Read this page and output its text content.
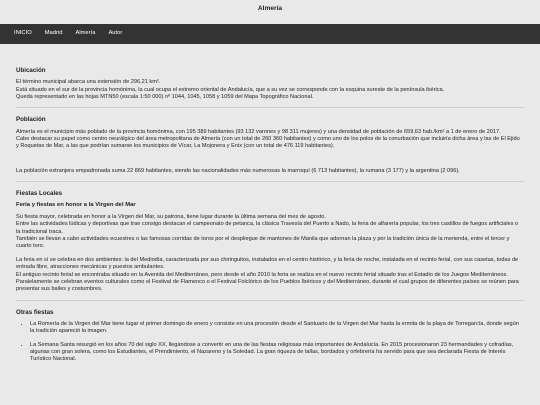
Almería
INICIO Madrid Almería Autor
Ubicación

El término municipal abarca una extensión de 296,21 km².

Está situado en el sur de la provincia homónima, la cual ocupa el extremo oriental de Andalucía, que a su vez se corresponde con la esquina sureste de la península ibérica.

Queda representado en las hojas MTN50 (escala 1:50 000) nº 1044, 1045, 1058 y 1059 del Mapa Topográfico Nacional.

Población

Almería es el municipio más poblado de la provincia homónima, con 195 389 habitantes (93 132 varones y 98 311 mujeres) y una densidad de población de 659,63 hab./km² a 1 de enero de 2017.

Cabe destacar su papel como centro neurálgico del área metropolitana de Almería (con un total de 260 360 habitantes) y como uno de los polos de la conurbación que incluiría dicha área y las de El Ejido y Roquetas de Mar, a las que podrían sumarse los municipios de Vícar, La Mojonera y Enix (con un total de 476 119 habitantes).

La población extranjera empadronada suma 22 869 habitantes, siendo las nacionalidades más numerosas la marroquí (6 713 habitantes), la rumana (3 177) y la argentina (2 096).

Fiestas Locales
Feria y fiestas en honor a la Virgen del Mar

Su fiesta mayor, celebrada en honor a la Virgen del Mar, su patrona, tiene lugar durante la última semana del mes de agosto.

Entre las actividades lúdicas y deportivas que trae consigo destacan el campeonato de petanca, la clásica Travesía del Puerto a Nado, la feria de alfarería popular, los tres castillos de fuegos artificiales o la tradicional traca.

También se llevan a cabo actividades ecuestres o las famosas corridas de toros por el despliegue de mantones de Manila que adornan la plaza y por la tradición única de la merienda, entre el tercer y cuarto toro.

La feria en sí se celebra en dos ambientes: la del Mediodía, caracterizada por sus chiringuitos, instalados en el centro histórico, y la feria de noche, instalada en el recinto ferial, con sus casetas, todas de entrada libre, atracciones mecánicas y puestos ambulantes.

El antiguo recinto ferial se encontraba situado en la Avenida del Mediterráneo, pero desde el año 2010 la feria se realiza en el nuevo recinto ferial situado tras el Estadio de los Juegos Mediterráneos.

Paralelamente se celebran eventos culturales como el Festival de Flamenco o el Festival Folclórico de los Pueblos Ibéricos y del Mediterráneo, durante el cual grupos de diferentes países se reúnen para presentar sus bailes y costumbres.

Otras fiestas
• La Romería de la Virgen del Mar tiene lugar el primer domingo de enero y consiste en una procesión desde el Santuario de la Virgen del Mar hasta la ermita de la playa de Torregarcía, donde según la tradición apareció la imagen.
• La Semana Santa resurgió en los años 70 del siglo XX, llegándose a convertir en una de las fiestas religiosas más importantes de Andalucía. En 2015 procesionaron 23 hermandades y cofradías, algunas con gran solera, como los Estudiantes, el Prendimiento, el Nazareno y la Soledad. La gran riqueza de tallas, bordados y orfebrería ha servido para que sea declarada Fiesta de Interés Turístico Nacional.
